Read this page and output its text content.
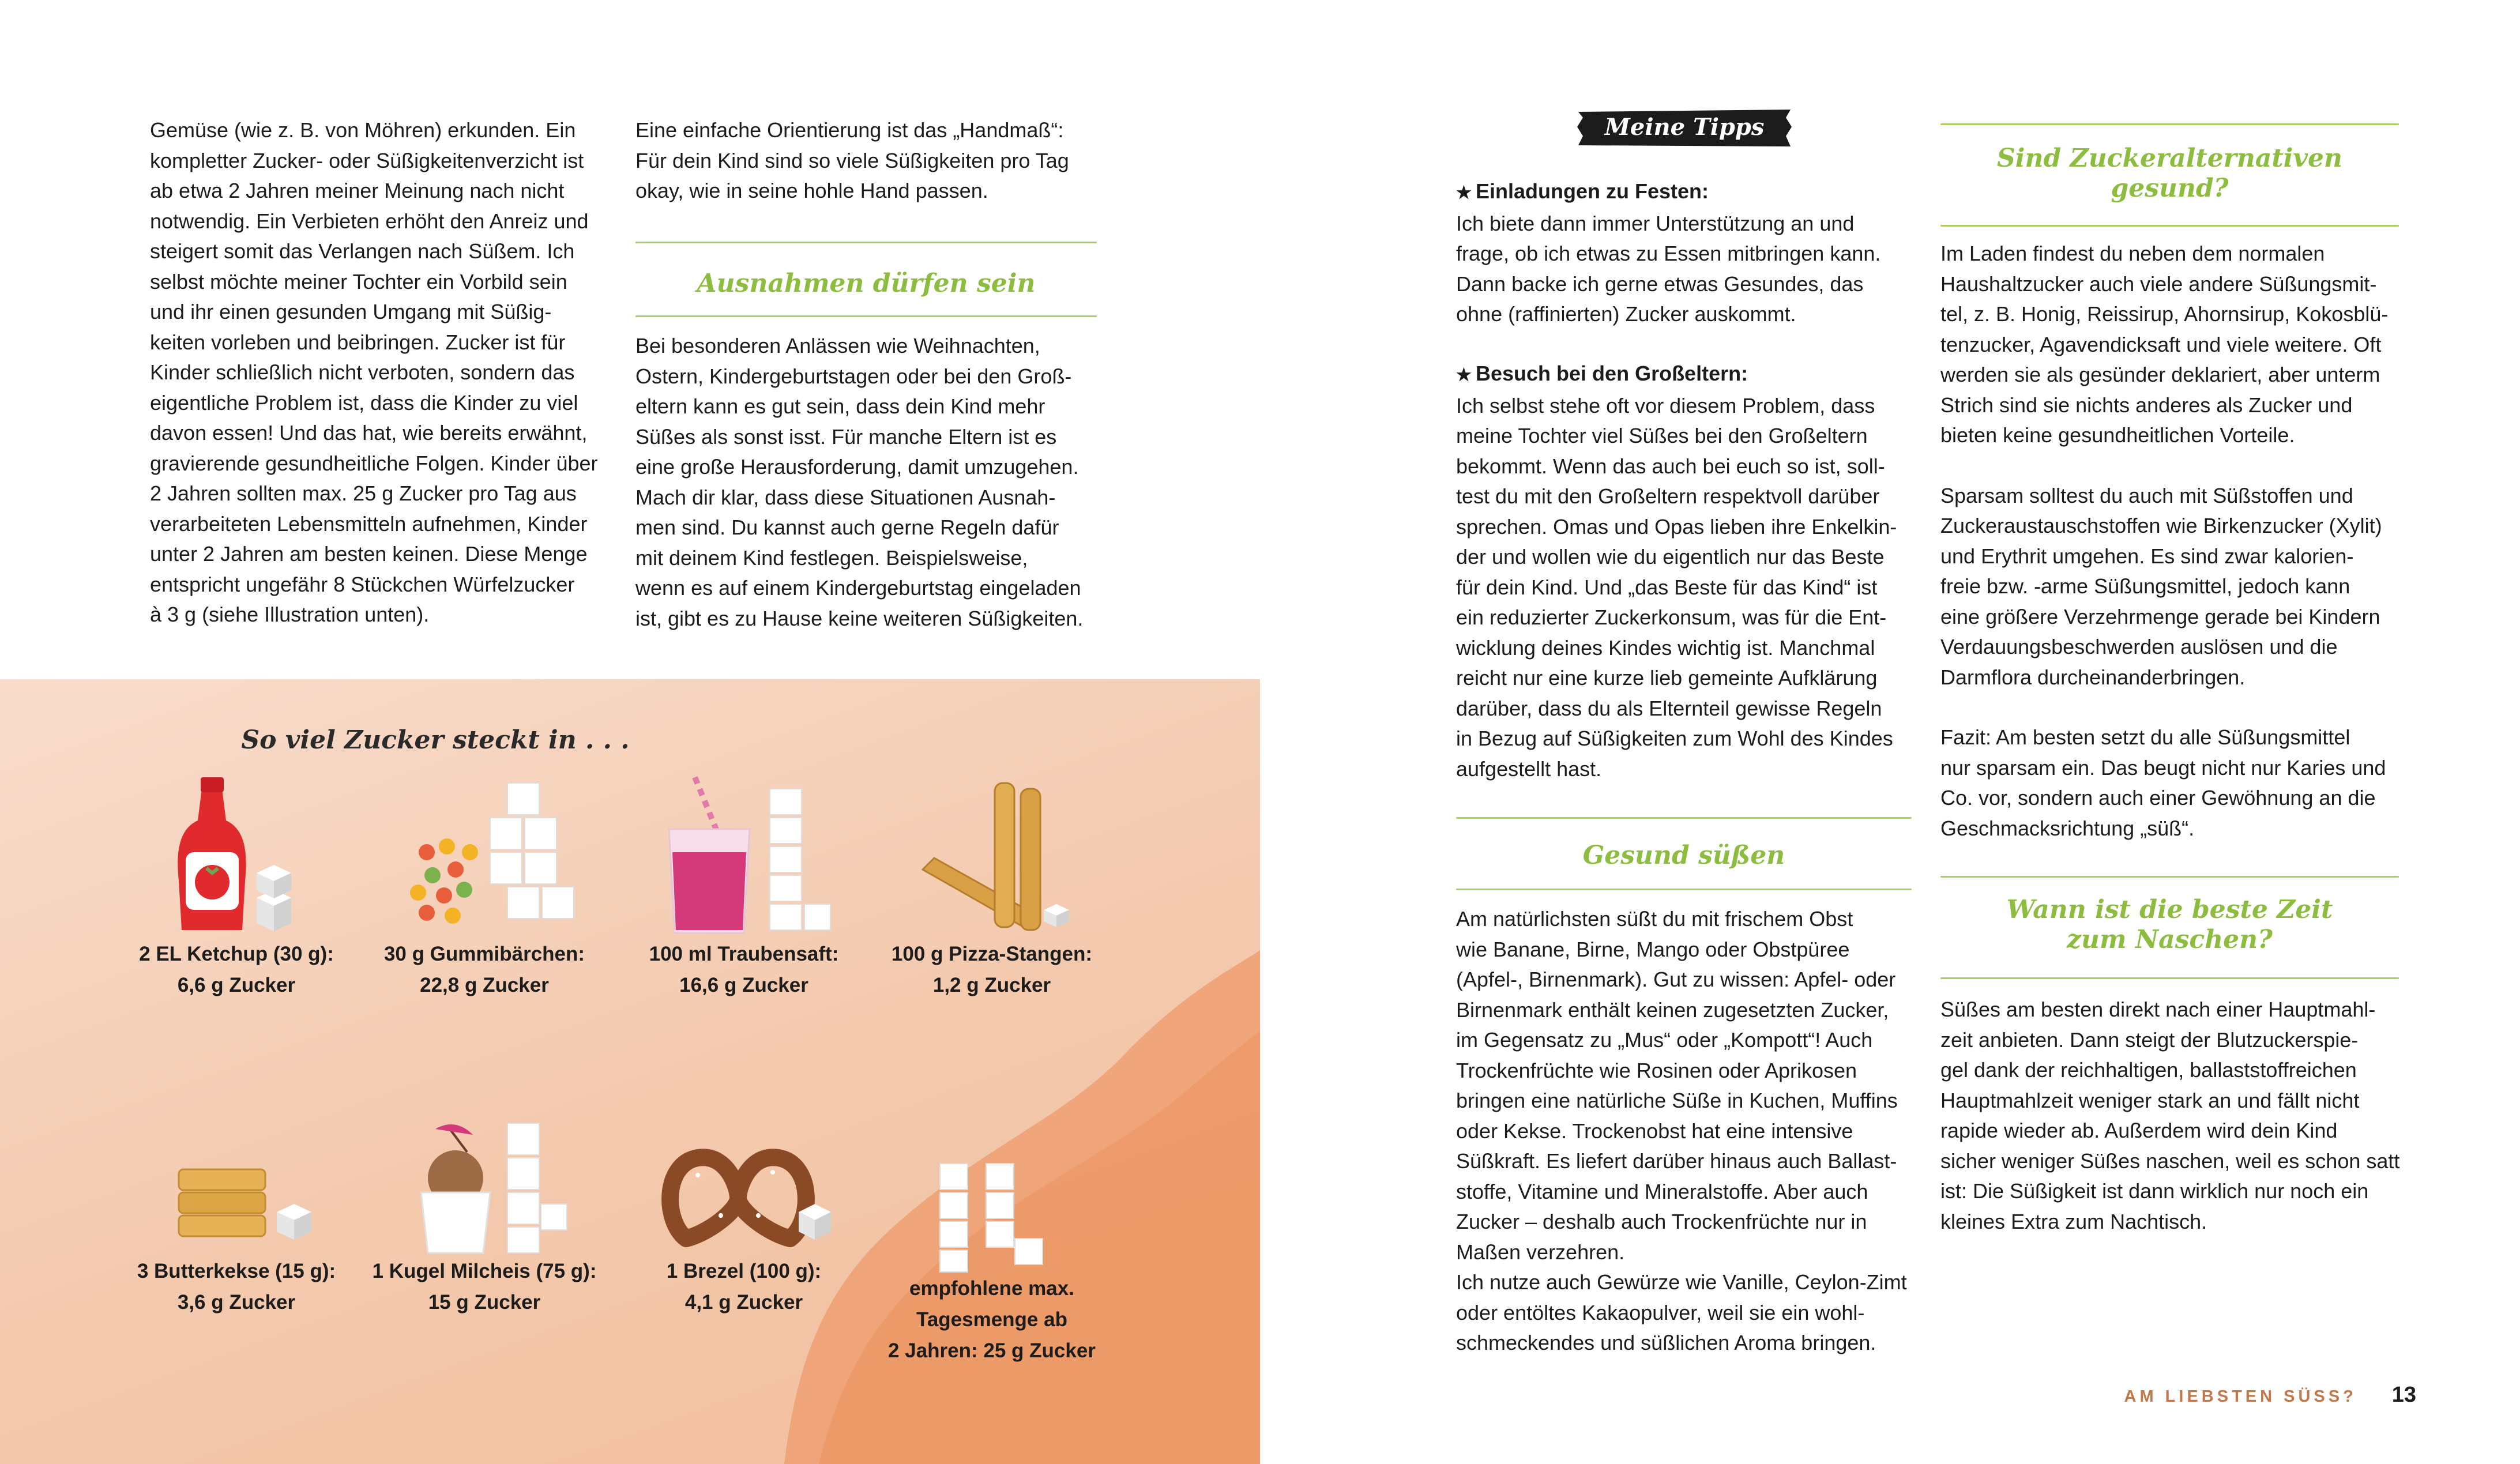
Gemüse (wie z. B. von Möhren) erkunden. Ein

kompletter Zucker- oder Süßigkeitenverzicht ist

ab etwa 2 Jahren meiner Meinung nach nicht

notwendig. Ein Verbieten erhöht den Anreiz und

steigert somit das Verlangen nach Süßem. Ich

selbst möchte meiner Tochter ein Vorbild sein

und ihr einen gesunden Umgang mit Süßig-

keiten vorleben und beibringen. Zucker ist für

Kinder schließlich nicht verboten, sondern das

eigentliche Problem ist, dass die Kinder zu viel

davon essen! Und das hat, wie bereits erwähnt,

gravierende gesundheitliche Folgen. Kinder über

2 Jahren sollten max. 25 g Zucker pro Tag aus

verarbeiteten Lebensmitteln aufnehmen, Kinder

unter 2 Jahren am besten keinen. Diese Menge

entspricht ungefähr 8 Stückchen Würfelzucker

à 3 g (siehe Illustration unten).

Eine einfache Orientierung ist das „Handmaß“:

Für dein Kind sind so viele Süßigkeiten pro Tag

okay, wie in seine hohle Hand passen.

Ausnahmen dürfen sein

Bei besonderen Anlässen wie Weihnachten,

Ostern, Kindergeburtstagen oder bei den Groß-

eltern kann es gut sein, dass dein Kind mehr

Süßes als sonst isst. Für manche Eltern ist es

eine große Herausforderung, damit umzugehen.

Mach dir klar, dass diese Situationen Ausnah-

men sind. Du kannst auch gerne Regeln dafür

mit deinem Kind festlegen. Beispielsweise,

wenn es auf einem Kindergeburtstag eingeladen

ist, gibt es zu Hause keine weiteren Süßigkeiten.

So viel Zucker steckt in . . .
2 EL Ketchup (30 g):
6,6 g Zucker
30 g Gummibärchen:
22,8 g Zucker
100 ml Traubensaft:
16,6 g Zucker
100 g Pizza-Stangen:
1,2 g Zucker
3 Butterkekse (15 g):
3,6 g Zucker
1 Kugel Milcheis (75 g):
15 g Zucker
1 Brezel (100 g):
4,1 g Zucker
empfohlene max.
Tagesmenge ab
2 Jahren: 25 g Zucker
Meine Tipps

★ Einladungen zu Festen:

Ich biete dann immer Unterstützung an und

frage, ob ich etwas zu Essen mitbringen kann.

Dann backe ich gerne etwas Gesundes, das

ohne (raffinierten) Zucker auskommt.

★ Besuch bei den Großeltern:

Ich selbst stehe oft vor diesem Problem, dass

meine Tochter viel Süßes bei den Großeltern

bekommt. Wenn das auch bei euch so ist, soll-

test du mit den Großeltern respektvoll darüber

sprechen. Omas und Opas lieben ihre Enkelkin-

der und wollen wie du eigentlich nur das Beste

für dein Kind. Und „das Beste für das Kind“ ist

ein reduzierter Zuckerkonsum, was für die Ent-

wicklung deines Kindes wichtig ist. Manchmal

reicht nur eine kurze lieb gemeinte Aufklärung

darüber, dass du als Elternteil gewisse Regeln

in Bezug auf Süßigkeiten zum Wohl des Kindes

aufgestellt hast.

Gesund süßen

Am natürlichsten süßt du mit frischem Obst

wie Banane, Birne, Mango oder Obstpüree

(Apfel-, Birnenmark). Gut zu wissen: Apfel- oder

Birnenmark enthält keinen zugesetzten Zucker,

im Gegensatz zu „Mus“ oder „Kompott“! Auch

Trockenfrüchte wie Rosinen oder Aprikosen

bringen eine natürliche Süße in Kuchen, Muffins

oder Kekse. Trockenobst hat eine intensive

Süßkraft. Es liefert darüber hinaus auch Ballast-

stoffe, Vitamine und Mineralstoffe. Aber auch

Zucker – deshalb auch Trockenfrüchte nur in

Maßen verzehren.

Ich nutze auch Gewürze wie Vanille, Ceylon-Zimt

oder entöltes Kakaopulver, weil sie ein wohl-

schmeckendes und süßlichen Aroma bringen.

Sind Zuckeralternativen
gesund?

Im Laden findest du neben dem normalen

Haushaltzucker auch viele andere Süßungsmit-

tel, z. B. Honig, Reissirup, Ahornsirup, Kokosblü-

tenzucker, Agavendicksaft und viele weitere. Oft

werden sie als gesünder deklariert, aber unterm

Strich sind sie nichts anderes als Zucker und

bieten keine gesundheitlichen Vorteile.

Sparsam solltest du auch mit Süßstoffen und

Zuckeraustauschstoffen wie Birkenzucker (Xylit)

und Erythrit umgehen. Es sind zwar kalorien-

freie bzw. -arme Süßungsmittel, jedoch kann

eine größere Verzehrmenge gerade bei Kindern

Verdauungsbeschwerden auslösen und die

Darmflora durcheinanderbringen.

Fazit: Am besten setzt du alle Süßungsmittel

nur sparsam ein. Das beugt nicht nur Karies und

Co. vor, sondern auch einer Gewöhnung an die

Geschmacksrichtung „süß“.

Wann ist die beste Zeit
zum Naschen?

Süßes am besten direkt nach einer Hauptmahl-

zeit anbieten. Dann steigt der Blutzuckerspie-

gel dank der reichhaltigen, ballaststoffreichen

Hauptmahlzeit weniger stark an und fällt nicht

rapide wieder ab. Außerdem wird dein Kind

sicher weniger Süßes naschen, weil es schon satt

ist: Die Süßigkeit ist dann wirklich nur noch ein

kleines Extra zum Nachtisch.

AM LIEBSTEN SÜSS? 13
